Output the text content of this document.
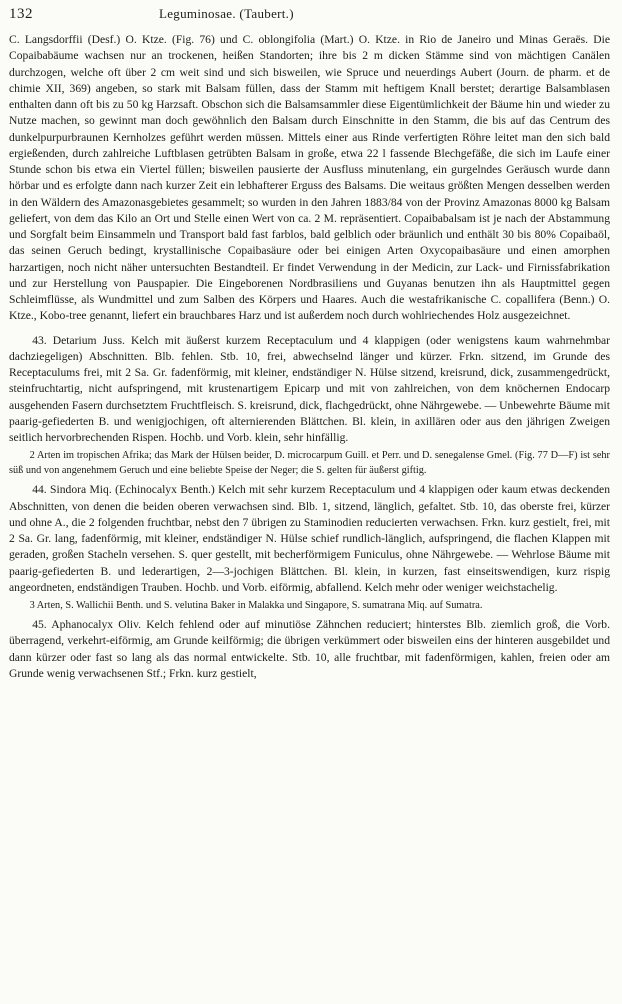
132	Leguminosae. (Taubert.)

C. Langsdorffii (Desf.) O. Ktze. (Fig. 76) und C. oblongifolia (Mart.) O. Ktze. in Rio de Janeiro und Minas Geraës. Die Copaibabäume wachsen nur an trockenen, heißen Standorten; ihre bis 2 m dicken Stämme sind von mächtigen Canälen durchzogen, welche oft über 2 cm weit sind und sich bisweilen, wie Spruce und neuerdings Aubert (Journ. de pharm. et de chimie XII, 369) angeben, so stark mit Balsam füllen, dass der Stamm mit heftigem Knall berstet; derartige Balsamblasen enthalten dann oft bis zu 50 kg Harzsaft. Obschon sich die Balsamsammler diese Eigentümlichkeit der Bäume hin und wieder zu Nutze machen, so gewinnt man doch gewöhnlich den Balsam durch Einschnitte in den Stamm, die bis auf das Centrum des dunkelpurpurbraunen Kernholzes geführt werden müssen. Mittels einer aus Rinde verfertigten Röhre leitet man den sich bald ergießenden, durch zahlreiche Luftblasen getrübten Balsam in große, etwa 22 l fassende Blechgefäße, die sich im Laufe einer Stunde schon bis etwa ein Viertel füllen; bisweilen pausierte der Ausfluss minutenlang, ein gurgelndes Geräusch wurde dann hörbar und es erfolgte dann nach kurzer Zeit ein lebhafterer Erguss des Balsams. Die weitaus größten Mengen desselben werden in den Wäldern des Amazonasgebietes gesammelt; so wurden in den Jahren 1883/84 von der Provinz Amazonas 8000 kg Balsam geliefert, von dem das Kilo an Ort und Stelle einen Wert von ca. 2 M. repräsentiert. Copaibabalsam ist je nach der Abstammung und Sorgfalt beim Einsammeln und Transport bald fast farblos, bald gelblich oder bräunlich und enthält 30 bis 80% Copaibaöl, das seinen Geruch bedingt, krystallinische Copaibasäure oder bei einigen Arten Oxycopaibasäure und einen amorphen harzartigen, noch nicht näher untersuchten Bestandteil. Er findet Verwendung in der Medicin, zur Lack- und Firnissfabrikation und zur Herstellung von Pauspapier. Die Eingeborenen Nordbrasiliens und Guyanas benutzen ihn als Hauptmittel gegen Schleimflüsse, als Wundmittel und zum Salben des Körpers und Haares. Auch die westafrikanische C. copallifera (Benn.) O. Ktze., Kobo-tree genannt, liefert ein brauchbares Harz und ist außerdem noch durch wohlriechendes Holz ausgezeichnet.

43. Detarium Juss. Kelch mit äußerst kurzem Receptaculum und 4 klappigen (oder wenigstens kaum wahrnehmbar dachziegeligen) Abschnitten. Blb. fehlen. Stb. 10, frei, abwechselnd länger und kürzer. Frkn. sitzend, im Grunde des Receptaculums frei, mit 2 Sa. Gr. fadenförmig, mit kleiner, endständiger N. Hülse sitzend, kreisrund, dick, zusammengedrückt, steinfruchtartig, nicht aufspringend, mit krustenartigem Epicarp und mit von zahlreichen, von dem knöchernen Endocarp ausgehenden Fasern durchsetztem Fruchtfleisch. S. kreisrund, dick, flachgedrückt, ohne Nährgewebe. — Unbewehrte Bäume mit paarig-gefiederten B. und wenigjochigen, oft alternierenden Blättchen. Bl. klein, in axillären oder aus den jährigen Zweigen seitlich hervorbrechenden Rispen. Hochb. und Vorb. klein, sehr hinfällig.

2 Arten im tropischen Afrika; das Mark der Hülsen beider, D. microcarpum Guill. et Perr. und D. senegalense Gmel. (Fig. 77 D—F) ist sehr süß und von angenehmem Geruch und eine beliebte Speise der Neger; die S. gelten für äußerst giftig.

44. Sindora Miq. (Echinocalyx Benth.) Kelch mit sehr kurzem Receptaculum und 4 klappigen oder kaum etwas deckenden Abschnitten, von denen die beiden oberen verwachsen sind. Blb. 1, sitzend, länglich, gefaltet. Stb. 10, das oberste frei, kürzer und ohne A., die 2 folgenden fruchtbar, nebst den 7 übrigen zu Staminodien reducierten verwachsen. Frkn. kurz gestielt, frei, mit 2 Sa. Gr. lang, fadenförmig, mit kleiner, endständiger N. Hülse schief rundlich-länglich, aufspringend, die flachen Klappen mit geraden, großen Stacheln versehen. S. quer gestellt, mit becherförmigem Funiculus, ohne Nährgewebe. — Wehrlose Bäume mit paarig-gefiederten B. und lederartigen, 2—3-jochigen Blättchen. Bl. klein, in kurzen, fast einseitswendigen, kurz rispig angeordneten, endständigen Trauben. Hochb. und Vorb. eiförmig, abfallend. Kelch mehr oder weniger weichstachelig.

3 Arten, S. Wallichii Benth. und S. velutina Baker in Malakka und Singapore, S. sumatrana Miq. auf Sumatra.

45. Aphanocalyx Oliv. Kelch fehlend oder auf minutiöse Zähnchen reduciert; hinterstes Blb. ziemlich groß, die Vorb. überragend, verkehrt-eiförmig, am Grunde keilförmig; die übrigen verkümmert oder bisweilen eins der hinteren ausgebildet und dann kürzer oder fast so lang als das normal entwickelte. Stb. 10, alle fruchtbar, mit fadenförmigen, kahlen, freien oder am Grunde wenig verwachsenen Stf.; Frkn. kurz gestielt,
